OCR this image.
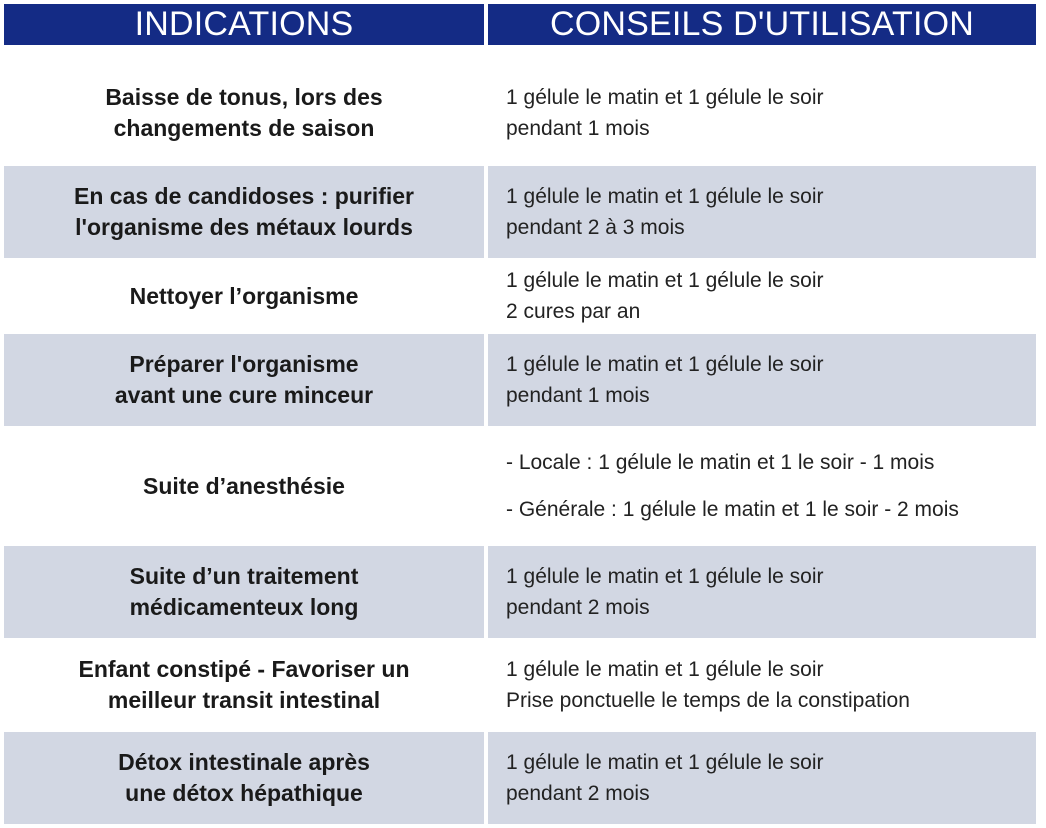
INDICATIONS	CONSEILS D'UTILISATION
Baisse de tonus, lors des
changements de saison
1 gélule le matin et 1 gélule le soir
pendant 1 mois
En cas de candidoses : purifier
l'organisme des métaux lourds
1 gélule le matin et 1 gélule le soir
pendant 2 à 3 mois
Nettoyer l’organisme
1 gélule le matin et 1 gélule le soir
2 cures par an
Préparer l'organisme
avant une cure minceur
1 gélule le matin et 1 gélule le soir
pendant 1 mois
Suite d’anesthésie
- Locale : 1 gélule le matin et 1 le soir - 1 mois
- Générale : 1 gélule le matin et 1 le soir - 2 mois
Suite d’un traitement
médicamenteux long
1 gélule le matin et 1 gélule le soir
pendant 2 mois
Enfant constipé - Favoriser un
meilleur transit intestinal
1 gélule le matin et 1 gélule le soir
Prise ponctuelle le temps de la constipation
Détox intestinale après
une détox hépathique
1 gélule le matin et 1 gélule le soir
pendant 2 mois
